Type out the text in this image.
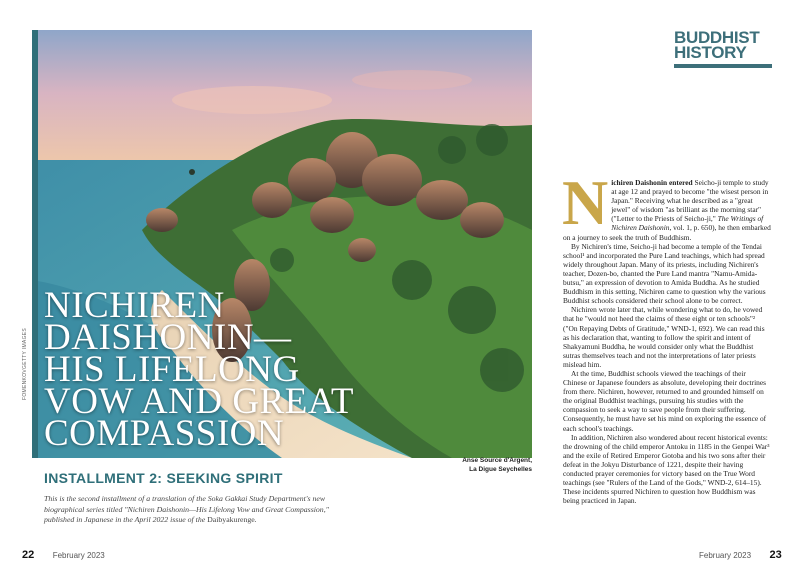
NICHIREN
DAISHONIN—
HIS LIFELONG
VOW AND GREAT
COMPASSION
FOMENKOVGETTY IMAGES
Anse Source d'Argent,
La Digue Seychelles
INSTALLMENT 2: SEEKING SPIRIT
This is the second installment of a translation of the Soka Gakkai Study Department's new biographical series titled "Nichiren Daishonin—His Lifelong Vow and Great Compassion," published in Japanese in the April 2022 issue of the Daibyakurenge.
22 February 2023
BUDDHIST
HISTORY

Nichiren Daishonin entered Seicho-ji temple to study at age 12 and prayed to become "the wisest person in Japan." Receiving what he described as a "great jewel" of wisdom "as brilliant as the morning star" ("Letter to the Priests of Seicho-ji," The Writings of Nichiren Daishonin, vol. 1, p. 650), he then embarked on a journey to seek the truth of Buddhism.

By Nichiren's time, Seicho-ji had become a temple of the Tendai school¹ and incorporated the Pure Land teachings, which had spread widely throughout Japan. Many of its priests, including Nichiren's teacher, Dozen-bo, chanted the Pure Land mantra "Namu-Amida-butsu," an expression of devotion to Amida Buddha. As he studied Buddhism in this setting, Nichiren came to question why the various Buddhist schools considered their school alone to be correct.

Nichiren wrote later that, while wondering what to do, he vowed that he "would not heed the claims of these eight or ten schools"² ("On Repaying Debts of Gratitude," WND-1, 692). We can read this as his declaration that, wanting to follow the spirit and intent of Shakyamuni Buddha, he would consider only what the Buddhist sutras themselves teach and not the interpretations of later priests mislead him.

At the time, Buddhist schools viewed the teachings of their Chinese or Japanese founders as absolute, developing their doctrines from there. Nichiren, however, returned to and grounded himself on the original Buddhist teachings, pursuing his studies with the compassion to seek a way to save people from their suffering. Consequently, he must have set his mind on exploring the essence of each school's teachings.

In addition, Nichiren also wondered about recent historical events: the drowning of the child emperor Antoku in 1185 in the Genpei War³ and the exile of Retired Emperor Gotoba and his two sons after their defeat in the Jokyu Disturbance of 1221, despite their having conducted prayer ceremonies for victory based on the True Word teachings (see "Rulers of the Land of the Gods," WND-2, 614–15). These incidents spurred Nichiren to question how Buddhism was being practiced in Japan.

February 2023 23
